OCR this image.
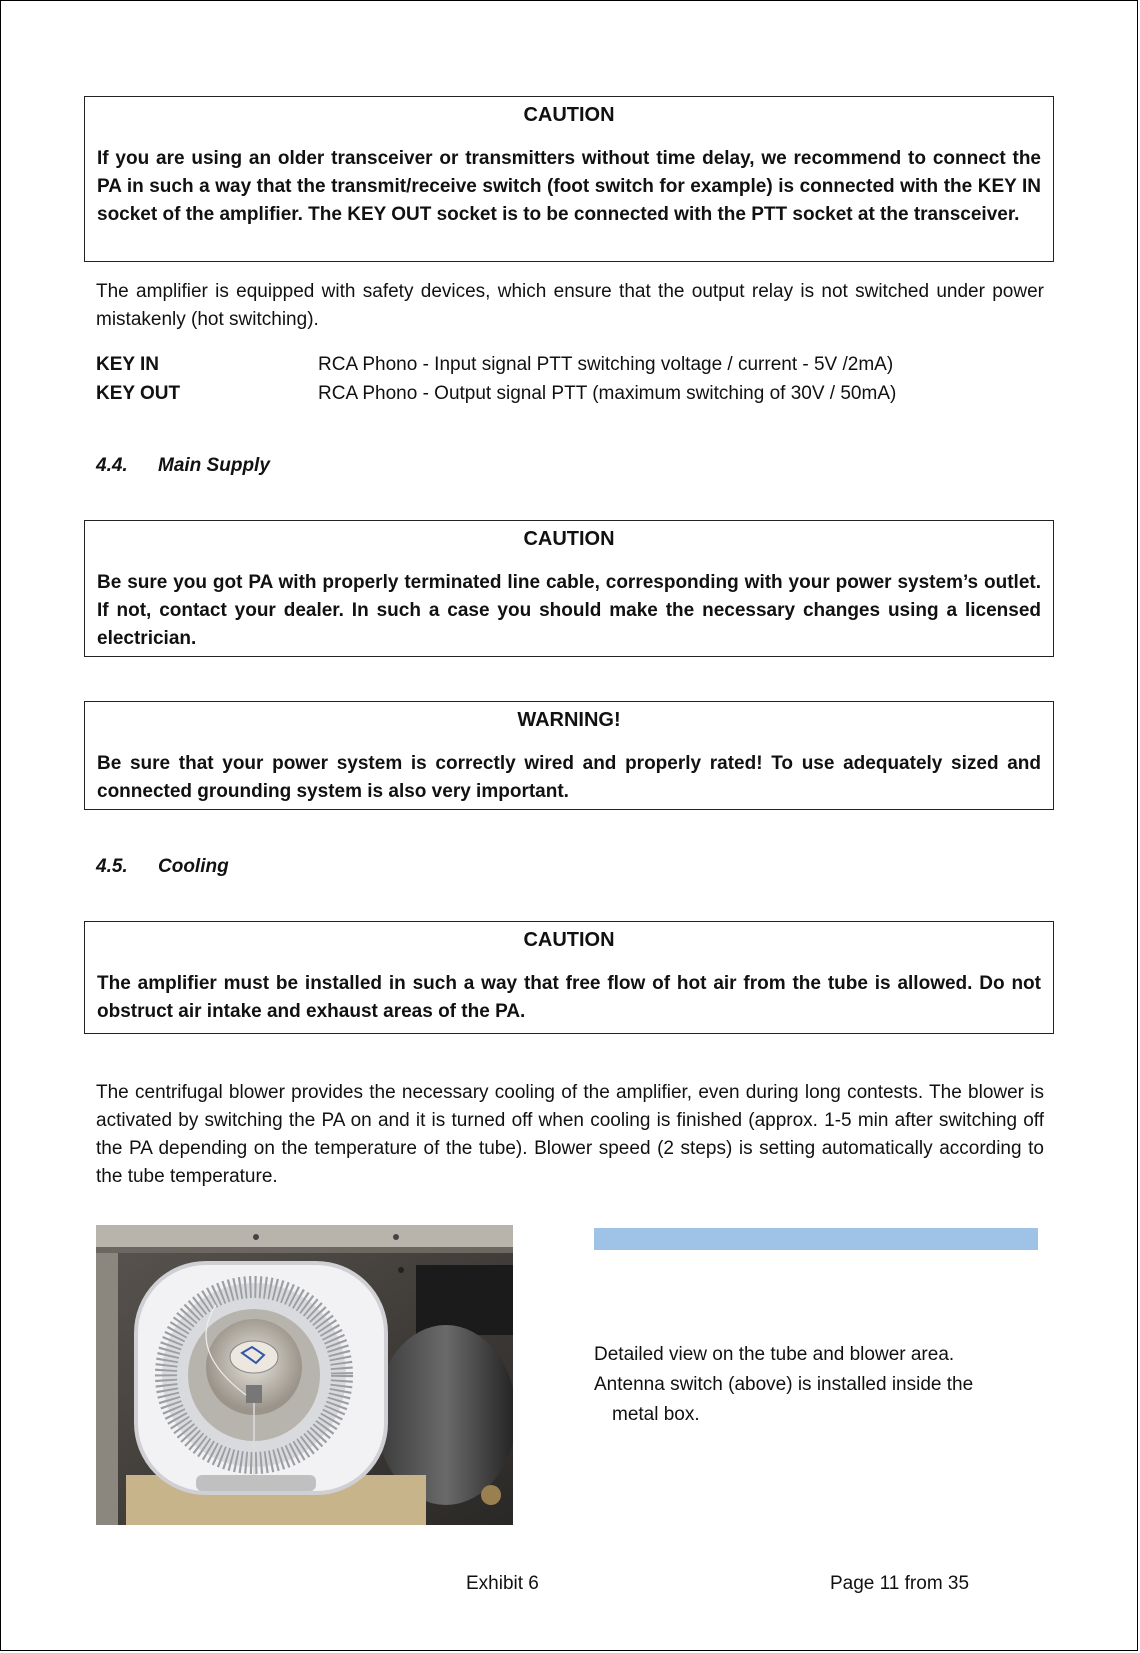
CAUTION
If you are using an older transceiver or transmitters without time delay, we recommend to connect the PA in such a way that the transmit/receive switch (foot switch for example) is connected with the KEY IN socket of the amplifier. The KEY OUT socket is to be connected with the PTT socket at the transceiver.
The amplifier is equipped with safety devices, which ensure that the output relay is not switched under power mistakenly (hot switching).
KEY IN	RCA Phono - Input signal PTT switching voltage / current - 5V /2mA)
KEY OUT	RCA Phono - Output signal PTT (maximum switching of 30V / 50mA)
4.4. Main Supply
CAUTION
Be sure you got PA with properly terminated line cable, corresponding with your power system’s outlet. If not, contact your dealer. In such a case you should make the necessary changes using a licensed electrician.
WARNING!
Be sure that your power system is correctly wired and properly rated! To use adequately sized and connected grounding system is also very important.
4.5. Cooling
CAUTION
The amplifier must be installed in such a way that free flow of hot air from the tube is allowed. Do not obstruct air intake and exhaust areas of the PA.
The centrifugal blower provides the necessary cooling of the amplifier, even during long contests. The blower is activated by switching the PA on and it is turned off when cooling is finished (approx. 1-5 min after switching off the PA depending on the temperature of the tube). Blower speed (2 steps) is setting automatically according to the tube temperature.
Detailed view on the tube and blower area.
Antenna switch (above) is installed inside the
metal box.
Exhibit 6	Page 11 from 35
